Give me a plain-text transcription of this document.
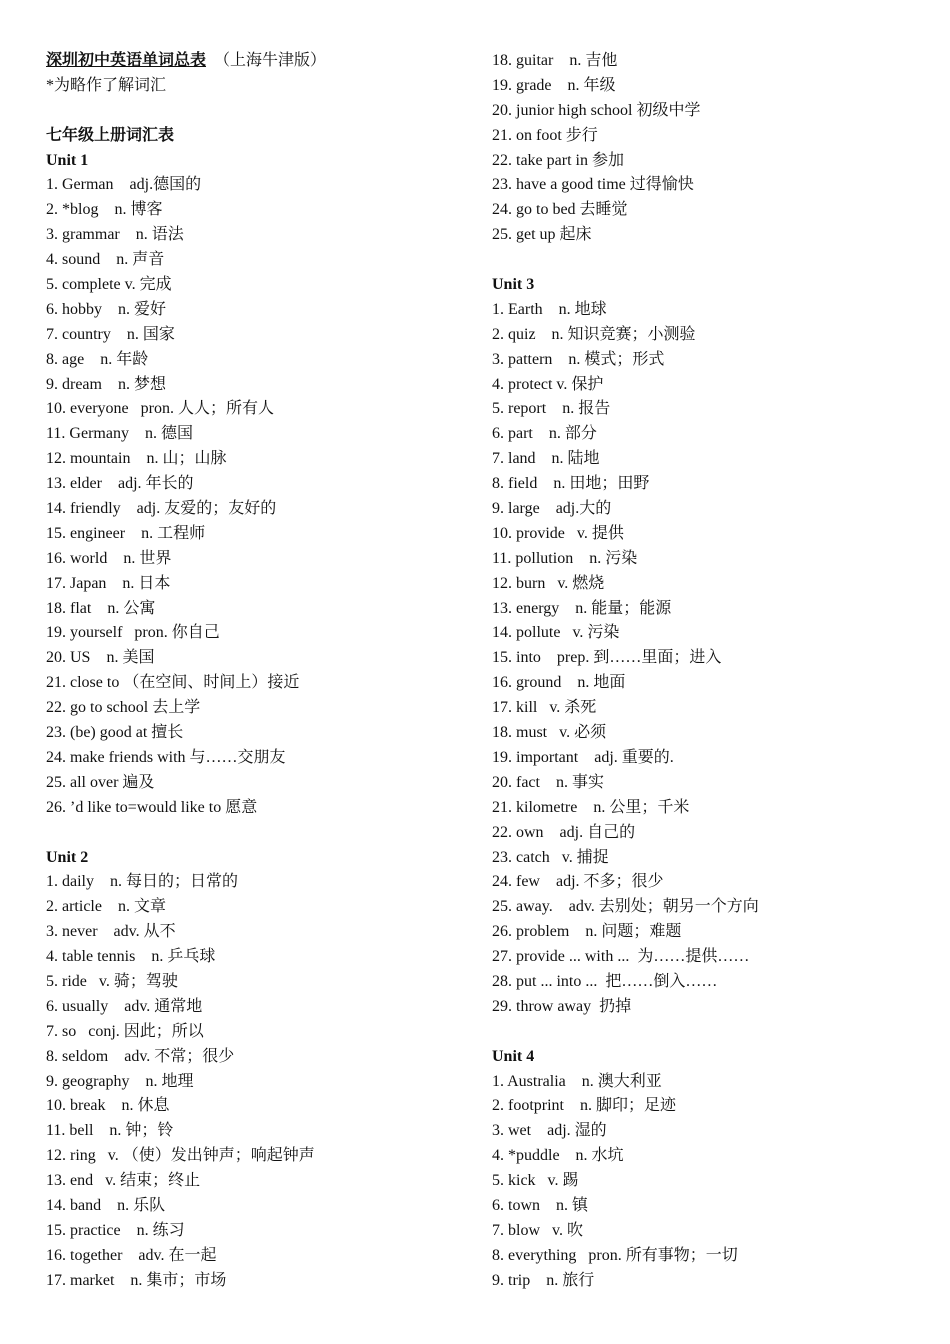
深圳初中英语单词总表 （上海牛津版）
*为略作了解词汇
七年级上册词汇表
Unit 1
1. German    adj.德国的
2. *blog    n. 博客
3. grammar    n. 语法
4. sound    n. 声音
5. complete v. 完成
6. hobby    n. 爱好
7. country    n. 国家
8. age    n. 年龄
9. dream    n. 梦想
10. everyone   pron. 人人；所有人
11. Germany    n. 德国
12. mountain    n. 山；山脉
13. elder    adj. 年长的
14. friendly    adj. 友爱的；友好的
15. engineer    n. 工程师
16. world    n. 世界
17. Japan    n. 日本
18. flat    n. 公寓
19. yourself   pron. 你自己
20. US    n. 美国
21. close to （在空间、时间上）接近
22. go to school 去上学
23. (be) good at 擅长
24. make friends with 与……交朋友
25. all over 遍及
26. ’d like to=would like to 愿意
Unit 2
1. daily    n. 每日的；日常的
2. article    n. 文章
3. never    adv. 从不
4. table tennis    n. 乒乓球
5. ride   v. 骑；驾驶
6. usually    adv. 通常地
7. so   conj. 因此；所以
8. seldom    adv. 不常；很少
9. geography    n. 地理
10. break    n. 休息
11. bell    n. 钟；铃
12. ring   v. （使）发出钟声；响起钟声
13. end   v. 结束；终止
14. band    n. 乐队
15. practice    n. 练习
16. together    adv. 在一起
17. market    n. 集市；市场
18. guitar    n. 吉他
19. grade    n. 年级
20. junior high school 初级中学
21. on foot 步行
22. take part in 参加
23. have a good time 过得愉快
24. go to bed 去睡觉
25. get up 起床
Unit 3
1. Earth    n. 地球
2. quiz    n. 知识竞赛；小测验
3. pattern    n. 模式；形式
4. protect v. 保护
5. report    n. 报告
6. part    n. 部分
7. land    n. 陆地
8. field    n. 田地；田野
9. large    adj.大的
10. provide   v. 提供
11. pollution    n. 污染
12. burn   v. 燃烧
13. energy    n. 能量；能源
14. pollute   v. 污染
15. into    prep. 到……里面；进入
16. ground    n. 地面
17. kill   v. 杀死
18. must   v. 必须
19. important    adj. 重要的.
20. fact    n. 事实
21. kilometre    n. 公里；千米
22. own    adj. 自己的
23. catch   v. 捕捉
24. few    adj. 不多；很少
25. away.    adv. 去别处；朝另一个方向
26. problem    n. 问题；难题
27. provide ... with ...  为……提供……
28. put ... into ...  把……倒入……
29. throw away  扔掉
Unit 4
1. Australia    n. 澳大利亚
2. footprint    n. 脚印；足迹
3. wet    adj. 湿的
4. *puddle    n. 水坑
5. kick   v. 踢
6. town    n. 镇
7. blow   v. 吹
8. everything   pron. 所有事物；一切
9. trip    n. 旅行
